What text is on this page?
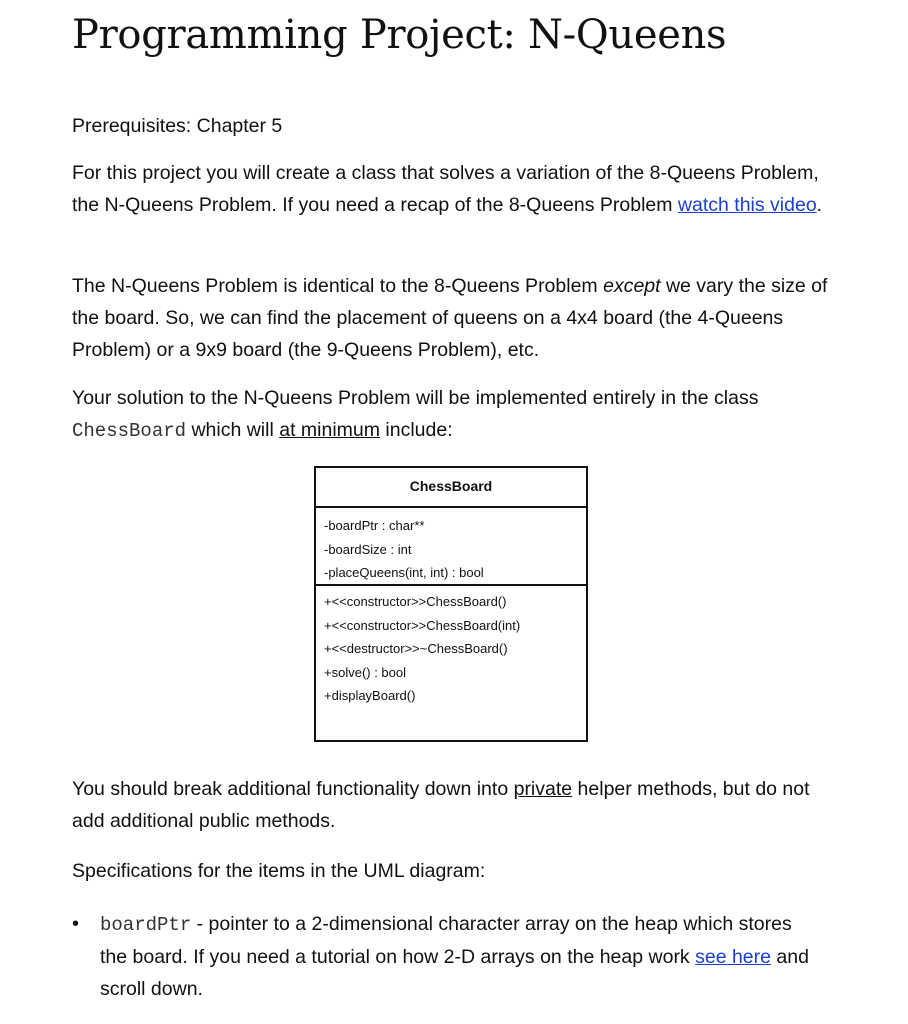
Programming Project: N-Queens

Prerequisites: Chapter 5

For this project you will create a class that solves a variation of the 8-Queens Problem, the N-Queens Problem. If you need a recap of the 8-Queens Problem watch this video.

The N-Queens Problem is identical to the 8-Queens Problem except we vary the size of the board. So, we can find the placement of queens on a 4x4 board (the 4-Queens Problem) or a 9x9 board (the 9-Queens Problem), etc.

Your solution to the N-Queens Problem will be implemented entirely in the class ChessBoard which will at minimum include:

ChessBoard
-boardPtr : char**
-boardSize : int
-placeQueens(int, int) : bool
+<<constructor>>ChessBoard()
+<<constructor>>ChessBoard(int)
+<<destructor>>~ChessBoard()
+solve() : bool
+displayBoard()

You should break additional functionality down into private helper methods, but do not add additional public methods.

Specifications for the items in the UML diagram:

•	boardPtr - pointer to a 2-dimensional character array on the heap which stores the board. If you need a tutorial on how 2-D arrays on the heap work see here and scroll down.
